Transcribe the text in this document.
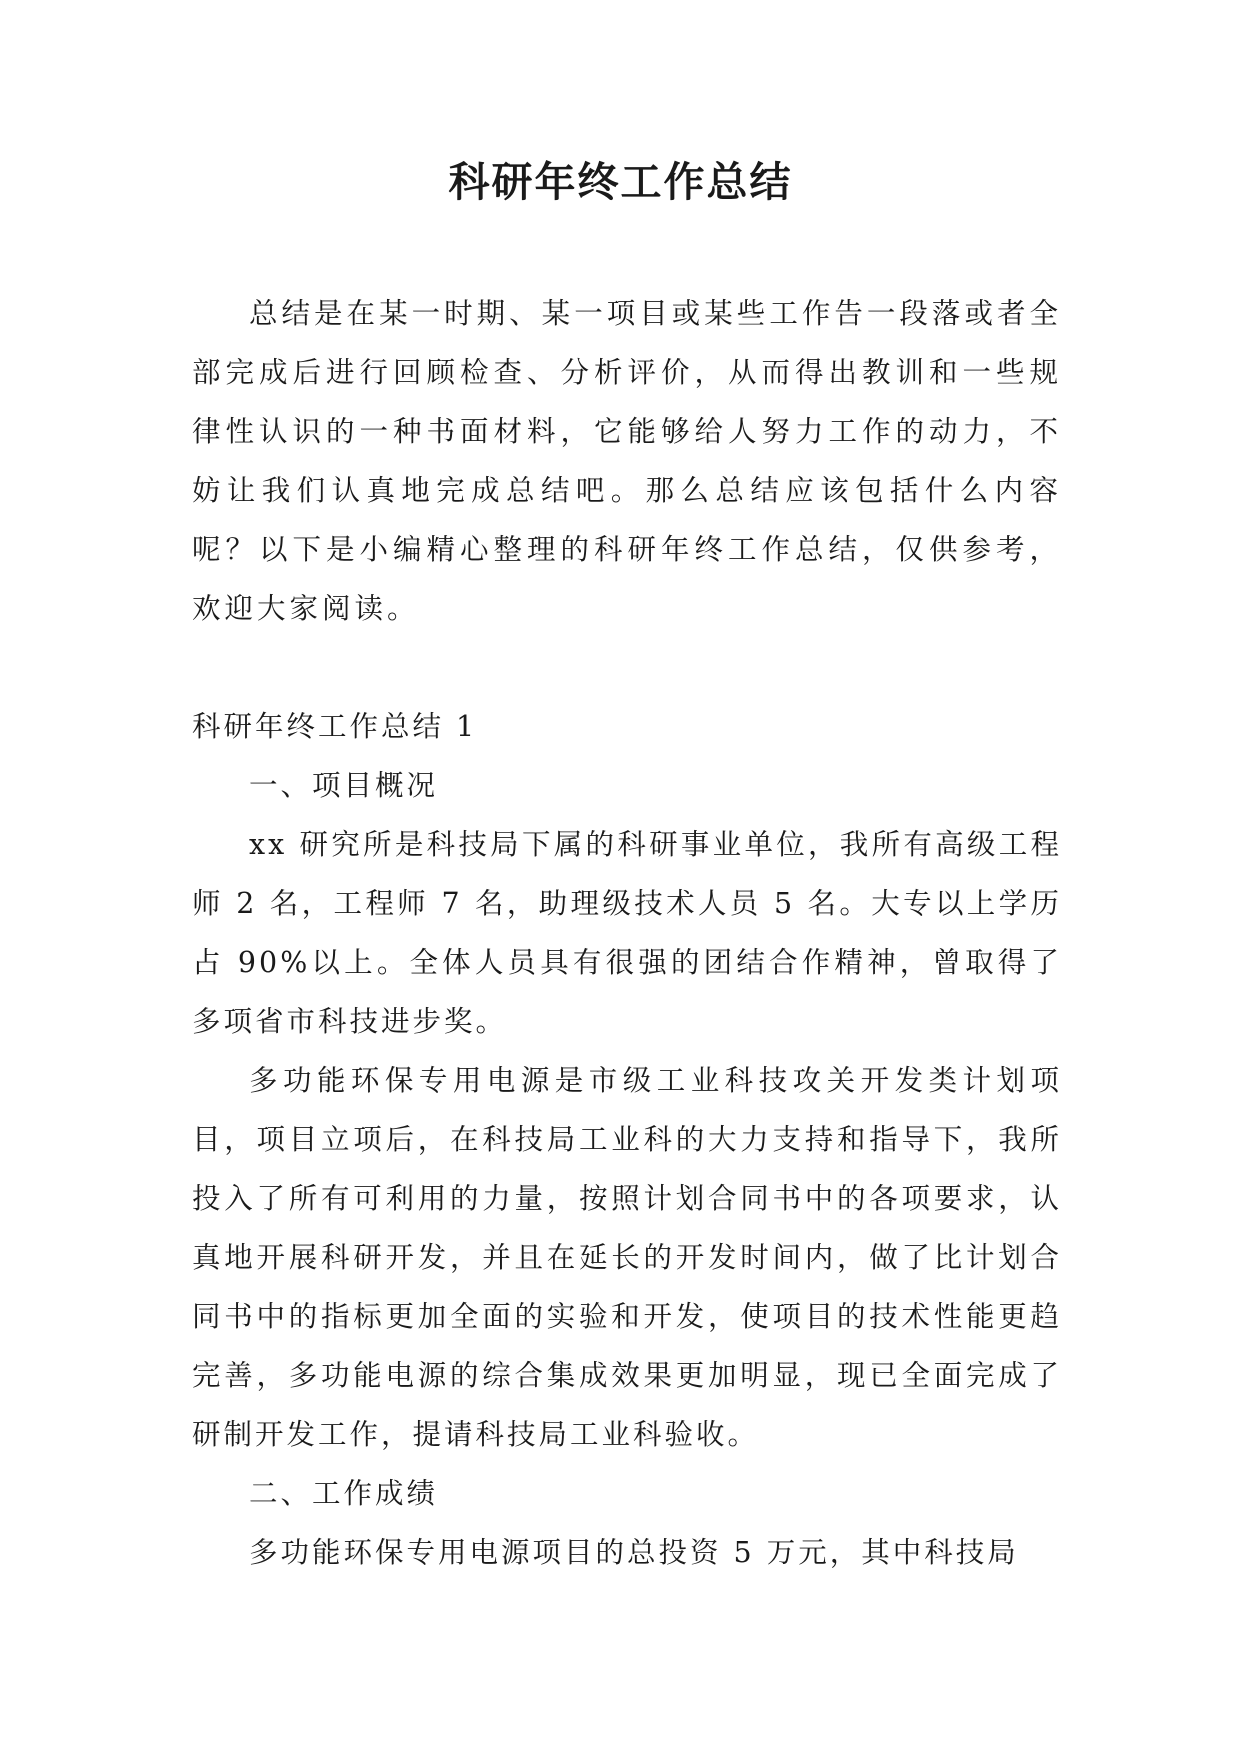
科研年终工作总结

总结是在某一时期、某一项目或某些工作告一段落或者全部完成后进行回顾检查、分析评价，从而得出教训和一些规律性认识的一种书面材料，它能够给人努力工作的动力，不妨让我们认真地完成总结吧。那么总结应该包括什么内容呢？以下是小编精心整理的科研年终工作总结，仅供参考，欢迎大家阅读。

科研年终工作总结 1

一、项目概况

xx 研究所是科技局下属的科研事业单位，我所有高级工程师 2 名，工程师 7 名，助理级技术人员 5 名。大专以上学历占 90%以上。全体人员具有很强的团结合作精神，曾取得了多项省市科技进步奖。

多功能环保专用电源是市级工业科技攻关开发类计划项目，项目立项后，在科技局工业科的大力支持和指导下，我所投入了所有可利用的力量，按照计划合同书中的各项要求，认真地开展科研开发，并且在延长的开发时间内，做了比计划合同书中的指标更加全面的实验和开发，使项目的技术性能更趋完善，多功能电源的综合集成效果更加明显，现已全面完成了研制开发工作，提请科技局工业科验收。

二、工作成绩

多功能环保专用电源项目的总投资 5 万元，其中科技局
